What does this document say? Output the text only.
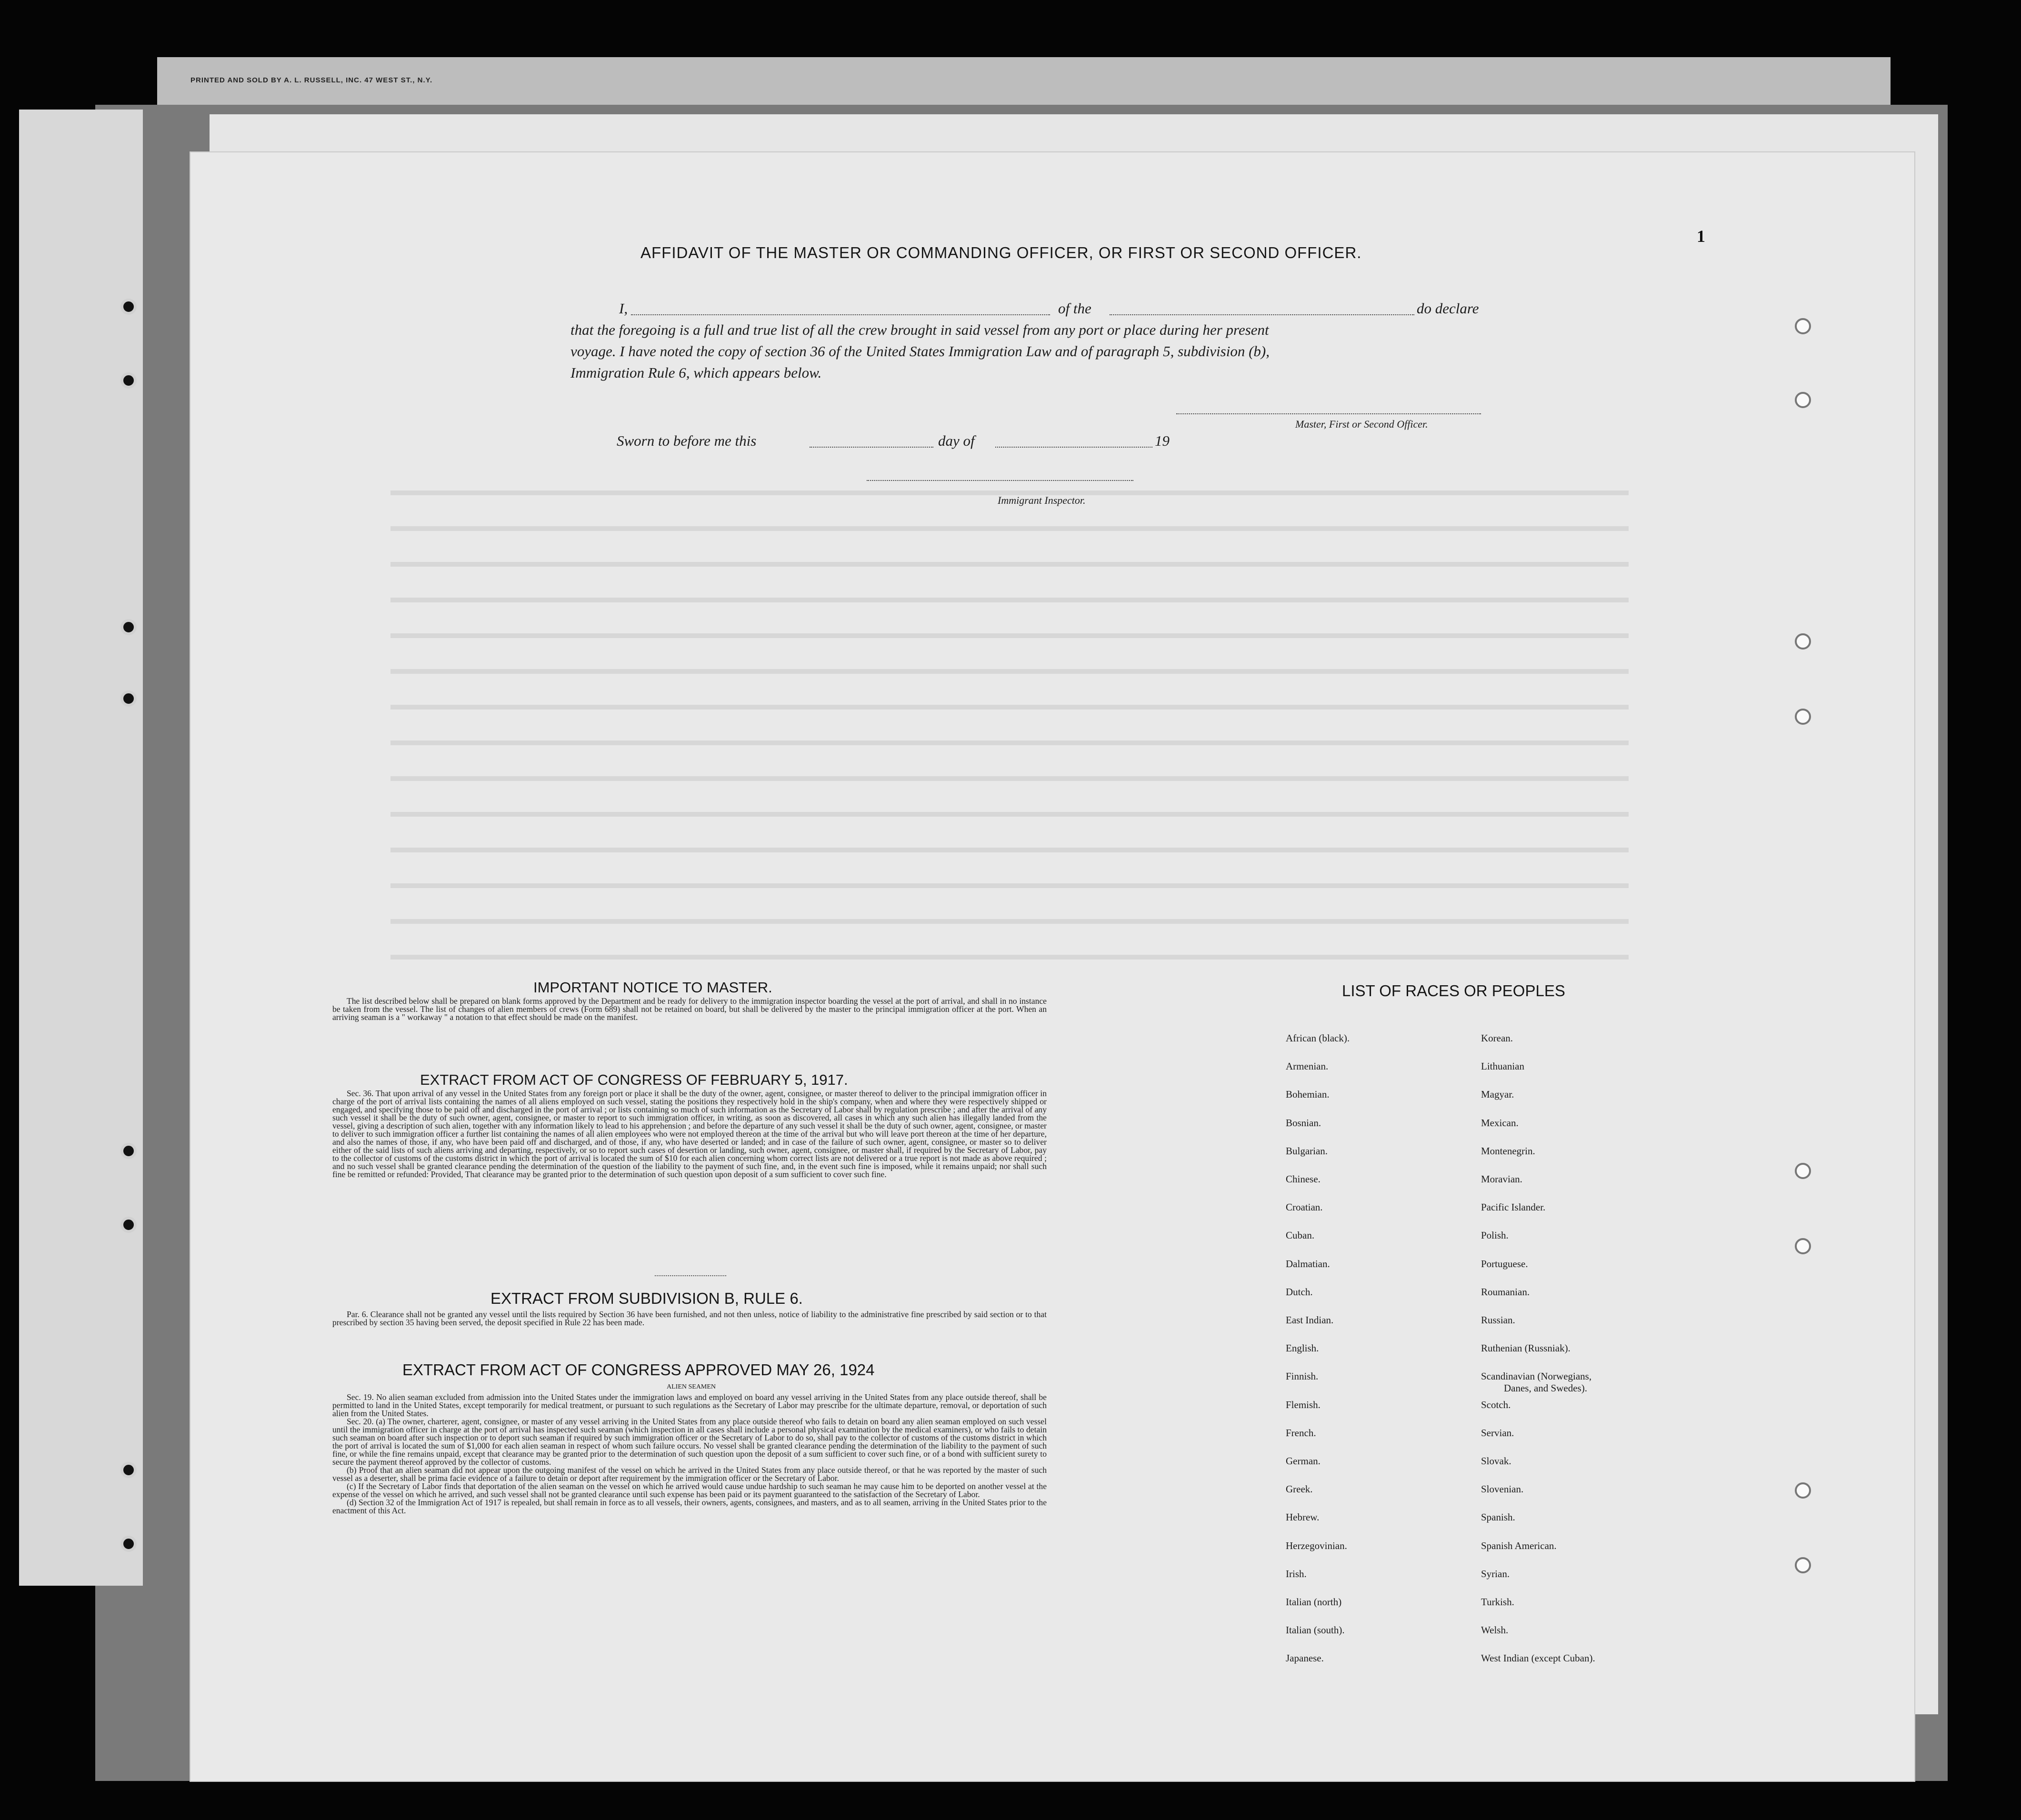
PRINTED AND SOLD BY A. L. RUSSELL, INC. 47 WEST ST., N.Y.
1
AFFIDAVIT OF THE MASTER OR COMMANDING OFFICER, OR FIRST OR SECOND OFFICER.
I,	of the	do declare
that the foregoing is a full and true list of all the crew brought in said vessel from any port or place during her present
voyage. I have noted the copy of section 36 of the United States Immigration Law and of paragraph 5, subdivision (b),
Immigration Rule 6, which appears below.
Master, First or Second Officer.
Sworn to before me this	day of	19
Immigrant Inspector.
IMPORTANT NOTICE TO MASTER.

The list described below shall be prepared on blank forms approved by the Department and be ready for delivery to the immigration inspector boarding the vessel at the port of arrival, and shall in no instance be taken from the vessel. The list of changes of alien members of crews (Form 689) shall not be retained on board, but shall be delivered by the master to the principal immigration officer at the port. When an arriving seaman is a " workaway " a notation to that effect should be made on the manifest.

EXTRACT FROM ACT OF CONGRESS OF FEBRUARY 5, 1917.

Sec. 36. That upon arrival of any vessel in the United States from any foreign port or place it shall be the duty of the owner, agent, consignee, or master thereof to deliver to the principal immigration officer in charge of the port of arrival lists containing the names of all aliens employed on such vessel, stating the positions they respectively hold in the ship's company, when and where they were respectively shipped or engaged, and specifying those to be paid off and discharged in the port of arrival ; or lists containing so much of such information as the Secretary of Labor shall by regulation prescribe ; and after the arrival of any such vessel it shall be the duty of such owner, agent, consignee, or master to report to such immigration officer, in writing, as soon as discovered, all cases in which any such alien has illegally landed from the vessel, giving a description of such alien, together with any information likely to lead to his apprehension ; and before the departure of any such vessel it shall be the duty of such owner, agent, consignee, or master to deliver to such immigration officer a further list containing the names of all alien employees who were not employed thereon at the time of the arrival but who will leave port thereon at the time of her departure, and also the names of those, if any, who have been paid off and discharged, and of those, if any, who have deserted or landed; and in case of the failure of such owner, agent, consignee, or master so to deliver either of the said lists of such aliens arriving and departing, respectively, or so to report such cases of desertion or landing, such owner, agent, consignee, or master shall, if required by the Secretary of Labor, pay to the collector of customs of the customs district in which the port of arrival is located the sum of $10 for each alien concerning whom correct lists are not delivered or a true report is not made as above required ; and no such vessel shall be granted clearance pending the determination of the question of the liability to the payment of such fine, and, in the event such fine is imposed, while it remains unpaid; nor shall such fine be remitted or refunded: Provided, That clearance may be granted prior to the determination of such question upon deposit of a sum sufficient to cover such fine.

EXTRACT FROM SUBDIVISION B, RULE 6.

Par. 6. Clearance shall not be granted any vessel until the lists required by Section 36 have been furnished, and not then unless, notice of liability to the administrative fine prescribed by said section or to that prescribed by section 35 having been served, the deposit specified in Rule 22 has been made.

EXTRACT FROM ACT OF CONGRESS APPROVED MAY 26, 1924
ALIEN SEAMEN

Sec. 19. No alien seaman excluded from admission into the United States under the immigration laws and employed on board any vessel arriving in the United States from any place outside thereof, shall be permitted to land in the United States, except temporarily for medical treatment, or pursuant to such regulations as the Secretary of Labor may prescribe for the ultimate departure, removal, or deportation of such alien from the United States.

Sec. 20. (a) The owner, charterer, agent, consignee, or master of any vessel arriving in the United States from any place outside thereof who fails to detain on board any alien seaman employed on such vessel until the immigration officer in charge at the port of arrival has inspected such seaman (which inspection in all cases shall include a personal physical examination by the medical examiners), or who fails to detain such seaman on board after such inspection or to deport such seaman if required by such immigration officer or the Secretary of Labor to do so, shall pay to the collector of customs of the customs district in which the port of arrival is located the sum of $1,000 for each alien seaman in respect of whom such failure occurs. No vessel shall be granted clearance pending the determination of the liability to the payment of such fine, or while the fine remains unpaid, except that clearance may be granted prior to the determination of such question upon the deposit of a sum sufficient to cover such fine, or of a bond with sufficient surety to secure the payment thereof approved by the collector of customs.

(b) Proof that an alien seaman did not appear upon the outgoing manifest of the vessel on which he arrived in the United States from any place outside thereof, or that he was reported by the master of such vessel as a deserter, shall be prima facie evidence of a failure to detain or deport after requirement by the immigration officer or the Secretary of Labor.

(c) If the Secretary of Labor finds that deportation of the alien seaman on the vessel on which he arrived would cause undue hardship to such seaman he may cause him to be deported on another vessel at the expense of the vessel on which he arrived, and such vessel shall not be granted clearance until such expense has been paid or its payment guaranteed to the satisfaction of the Secretary of Labor.

(d) Section 32 of the Immigration Act of 1917 is repealed, but shall remain in force as to all vessels, their owners, agents, consignees, and masters, and as to all seamen, arriving in the United States prior to the enactment of this Act.

LIST OF RACES OR PEOPLES
African (black).
Armenian.
Bohemian.
Bosnian.
Bulgarian.
Chinese.
Croatian.
Cuban.
Dalmatian.
Dutch.
East Indian.
English.
Finnish.
Flemish.
French.
German.
Greek.
Hebrew.
Herzegovinian.
Irish.
Italian (north)
Italian (south).
Japanese.
Korean.
Lithuanian
Magyar.
Mexican.
Montenegrin.
Moravian.
Pacific Islander.
Polish.
Portuguese.
Roumanian.
Russian.
Ruthenian (Russniak).
Scandinavian (Norwegians,
Scotch.
Servian.
Slovak.
Slovenian.
Spanish.
Spanish American.
Syrian.
Turkish.
Welsh.
West Indian (except Cuban).
Danes, and Swedes).
